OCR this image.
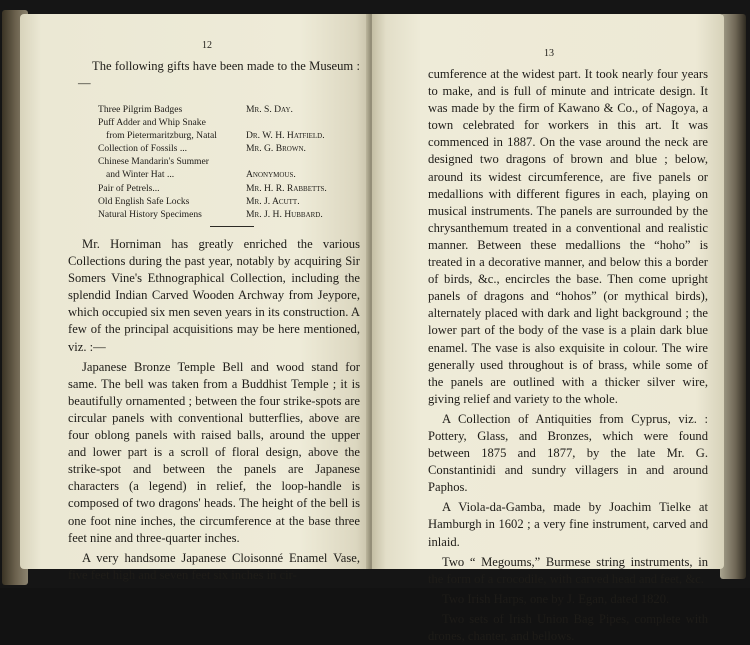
12

The following gifts have been made to the Museum :—

Three Pilgrim Badges	Mr. S. Day.
Puff Adder and Whip Snake
from Pietermaritzburg, Natal	Dr. W. H. Hatfield.
Collection of Fossils ...	Mr. G. Brown.
Chinese Mandarin's Summer
and Winter Hat ...	Anonymous.
Pair of Petrels...	Mr. H. R. Rabbetts.
Old English Safe Locks	Mr. J. Acutt.
Natural History Specimens	Mr. J. H. Hubbard.

Mr. Horniman has greatly enriched the various Collections during the past year, notably by acquiring Sir Somers Vine's Ethnographical Collection, including the splendid Indian Carved Wooden Archway from Jeypore, which occupied six men seven years in its construction. A few of the principal acquisitions may be here mentioned, viz. :—

Japanese Bronze Temple Bell and wood stand for same. The bell was taken from a Buddhist Temple ; it is beautifully ornamented ; between the four strike-spots are circular panels with conventional butterflies, above are four oblong panels with raised balls, around the upper and lower part is a scroll of floral design, above the strike-spot and between the panels are Japanese characters (a legend) in relief, the loop-handle is composed of two dragons' heads. The height of the bell is one foot nine inches, the circumference at the base three feet nine and three-quarter inches.

A very handsome Japanese Cloisonné Enamel Vase, five feet high and seven feet six inches in cir-

13

cumference at the widest part. It took nearly four years to make, and is full of minute and intricate design. It was made by the firm of Kawano & Co., of Nagoya, a town celebrated for workers in this art. It was commenced in 1887. On the vase around the neck are designed two dragons of brown and blue ; below, around its widest circumference, are five panels or medallions with different figures in each, playing on musical instruments. The panels are surrounded by the chrysanthemum treated in a conventional and realistic manner. Between these medallions the “hoho” is treated in a decorative manner, and below this a border of birds, &c., encircles the base. Then come upright panels of dragons and “hohos” (or mythical birds), alternately placed with dark and light background ; the lower part of the body of the vase is a plain dark blue enamel. The vase is also exquisite in colour. The wire generally used throughout is of brass, while some of the panels are outlined with a thicker silver wire, giving relief and variety to the whole.

A Collection of Antiquities from Cyprus, viz. : Pottery, Glass, and Bronzes, which were found between 1875 and 1877, by the late Mr. G. Constantinidi and sundry villagers in and around Paphos.

A Viola-da-Gamba, made by Joachim Tielke at Hamburgh in 1602 ; a very fine instrument, carved and inlaid.

Two “ Megoums,” Burmese string instruments, in the form of a crocodile, with carved head and feet, &c.

Two Irish Harps, one by J. Egan, dated 1820.

Two sets of Irish Union Bag Pipes, complete with drones, chanter, and bellows.
